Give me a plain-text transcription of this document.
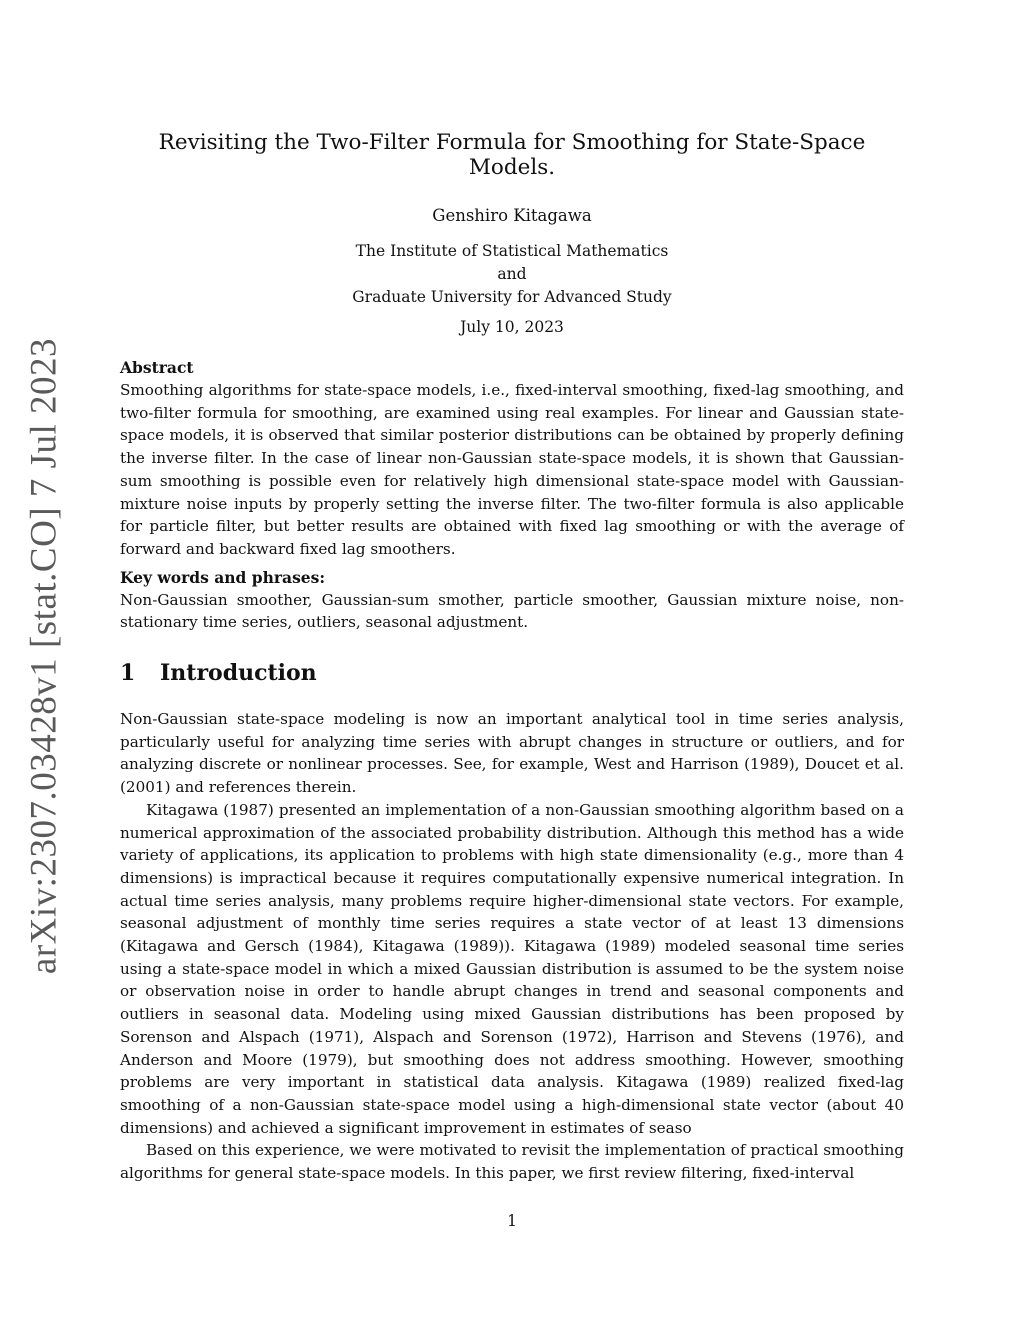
arXiv:2307.03428v1 [stat.CO] 7 Jul 2023
Revisiting the Two-Filter Formula for Smoothing for State-Space Models.
Genshiro Kitagawa
The Institute of Statistical Mathematics
and
Graduate University for Advanced Study
July 10, 2023
Abstract

Smoothing algorithms for state-space models, i.e., fixed-interval smoothing, fixed-lag smoothing, and two-filter formula for smoothing, are examined using real examples. For linear and Gaussian state-space models, it is observed that similar posterior distributions can be obtained by properly defining the inverse filter. In the case of linear non-Gaussian state-space models, it is shown that Gaussian-sum smoothing is possible even for relatively high dimensional state-space model with Gaussian-mixture noise inputs by properly setting the inverse filter. The two-filter formula is also applicable for particle filter, but better results are obtained with fixed lag smoothing or with the average of forward and backward fixed lag smoothers.

Key words and phrases:

Non-Gaussian smoother, Gaussian-sum smother, particle smoother, Gaussian mixture noise, non-stationary time series, outliers, seasonal adjustment.

1 Introduction

Non-Gaussian state-space modeling is now an important analytical tool in time series analysis, particularly useful for analyzing time series with abrupt changes in structure or outliers, and for analyzing discrete or nonlinear processes. See, for example, West and Harrison (1989), Doucet et al. (2001) and references therein.

Kitagawa (1987) presented an implementation of a non-Gaussian smoothing algorithm based on a numerical approximation of the associated probability distribution. Although this method has a wide variety of applications, its application to problems with high state dimensionality (e.g., more than 4 dimensions) is impractical because it requires computationally expensive numerical integration. In actual time series analysis, many problems require higher-dimensional state vectors. For example, seasonal adjustment of monthly time series requires a state vector of at least 13 dimensions (Kitagawa and Gersch (1984), Kitagawa (1989)). Kitagawa (1989) modeled seasonal time series using a state-space model in which a mixed Gaussian distribution is assumed to be the system noise or observation noise in order to handle abrupt changes in trend and seasonal components and outliers in seasonal data. Modeling using mixed Gaussian distributions has been proposed by Sorenson and Alspach (1971), Alspach and Sorenson (1972), Harrison and Stevens (1976), and Anderson and Moore (1979), but smoothing does not address smoothing. However, smoothing problems are very important in statistical data analysis. Kitagawa (1989) realized fixed-lag smoothing of a non-Gaussian state-space model using a high-dimensional state vector (about 40 dimensions) and achieved a significant improvement in estimates of seaso

Based on this experience, we were motivated to revisit the implementation of practical smoothing algorithms for general state-space models. In this paper, we first review filtering, fixed-interval

1
